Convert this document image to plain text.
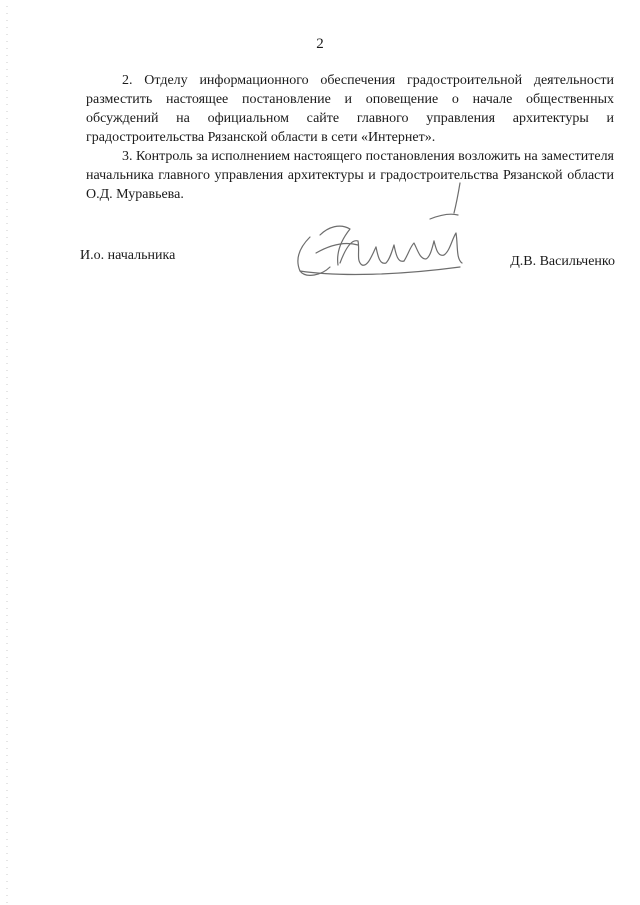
2

2. Отделу информационного обеспечения градостроительной деятельности разместить настоящее постановление и оповещение о начале общественных обсуждений на официальном сайте главного управления архитектуры и градостроительства Рязанской области в сети «Интернет».

3. Контроль за исполнением настоящего постановления возложить на заместителя начальника главного управления архитектуры и градостроительства Рязанской области О.Д. Муравьева.

И.о. начальника	Д.В. Васильченко
